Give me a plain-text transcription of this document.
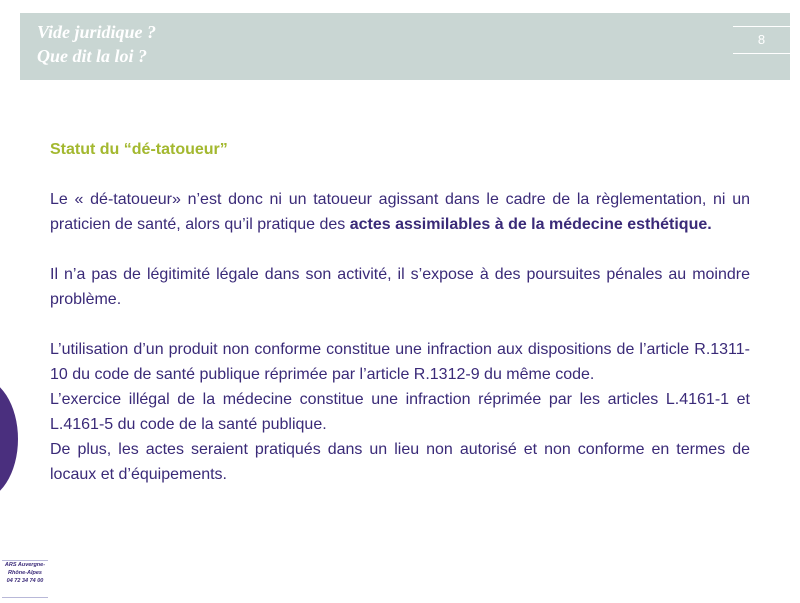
Vide juridique ?
Que dit la loi ?
8
Statut du “dé-tatoueur”

Le « dé-tatoueur» n’est donc ni un tatoueur agissant dans le cadre de la règlementation, ni un praticien de santé, alors qu’il pratique des actes assimilables à de la médecine esthétique.

Il n’a pas de légitimité légale dans son activité, il s’expose à des poursuites pénales au moindre problème.

L’utilisation d’un produit non conforme constitue une infraction aux dispositions de l’article R.1311-10 du code de santé publique réprimée par l’article R.1312-9 du même code.

L’exercice illégal de la médecine constitue une infraction réprimée par les articles L.4161-1 et L.4161-5 du code de la santé publique.

De plus, les actes seraient pratiqués dans un lieu non autorisé et non conforme en termes de locaux et d’équipements.

ARS Auvergne-
Rhône-Alpes
04 72 34 74 00
